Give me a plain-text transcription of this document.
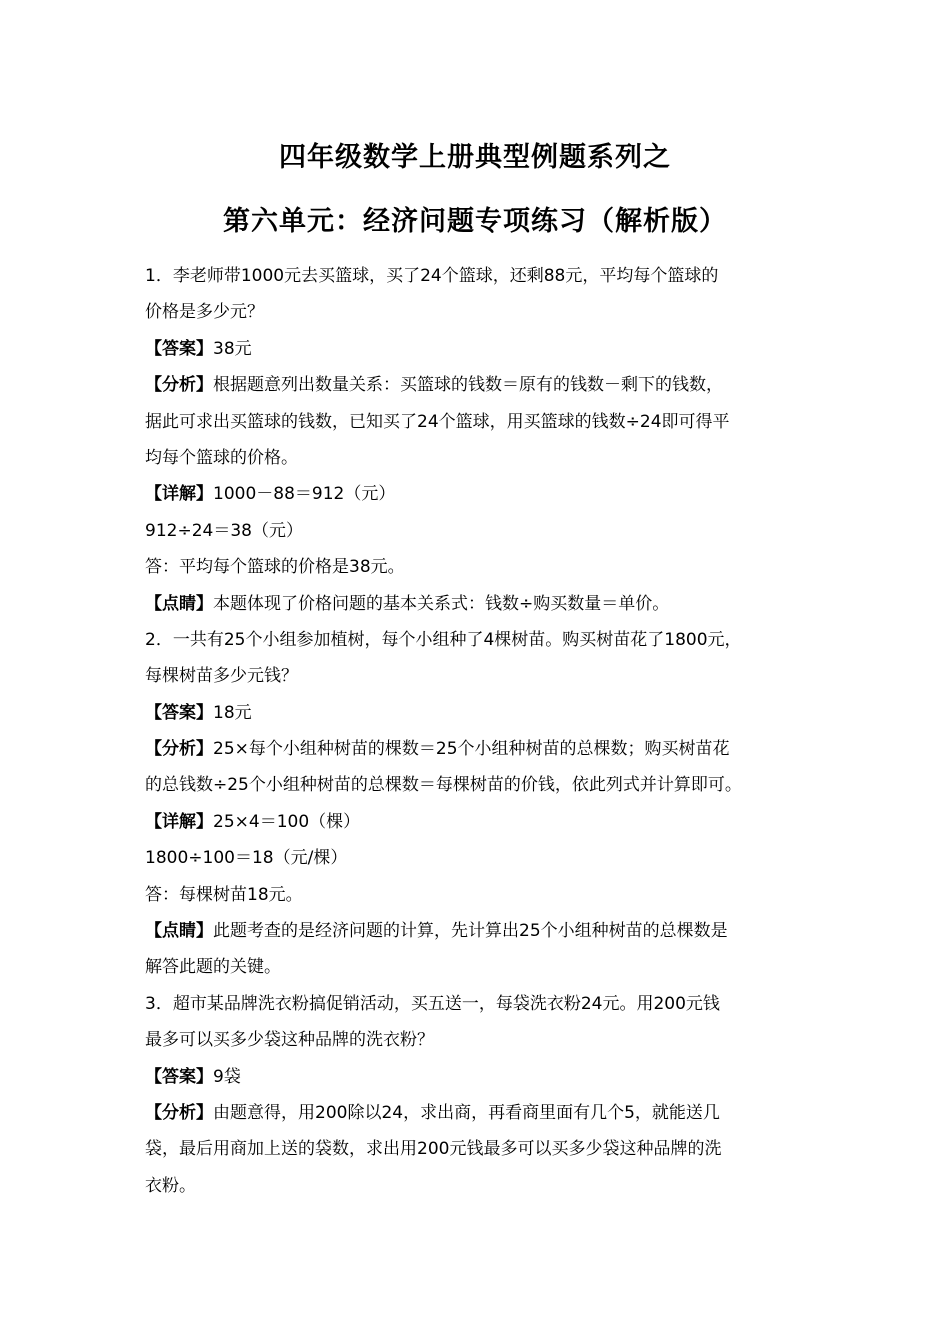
四年级数学上册典型例题系列之
第六单元：经济问题专项练习（解析版）
1．李老师带1000元去买篮球，买了24个篮球，还剩88元，平均每个篮球的
价格是多少元？
【答案】38元
【分析】根据题意列出数量关系：买篮球的钱数＝原有的钱数－剩下的钱数，
据此可求出买篮球的钱数，已知买了24个篮球，用买篮球的钱数÷24即可得平
均每个篮球的价格。
【详解】1000－88＝912（元）
912÷24＝38（元）
答：平均每个篮球的价格是38元。
【点睛】本题体现了价格问题的基本关系式：钱数÷购买数量＝单价。
2．一共有25个小组参加植树，每个小组种了4棵树苗。购买树苗花了1800元，
每棵树苗多少元钱？
【答案】18元
【分析】25×每个小组种树苗的棵数＝25个小组种树苗的总棵数；购买树苗花
的总钱数÷25个小组种树苗的总棵数＝每棵树苗的价钱，依此列式并计算即可。
【详解】25×4＝100（棵）
1800÷100＝18（元/棵）
答：每棵树苗18元。
【点睛】此题考查的是经济问题的计算，先计算出25个小组种树苗的总棵数是
解答此题的关键。
3．超市某品牌洗衣粉搞促销活动，买五送一，每袋洗衣粉24元。用200元钱
最多可以买多少袋这种品牌的洗衣粉？
【答案】9袋
【分析】由题意得，用200除以24，求出商，再看商里面有几个5，就能送几
袋，最后用商加上送的袋数，求出用200元钱最多可以买多少袋这种品牌的洗
衣粉。
